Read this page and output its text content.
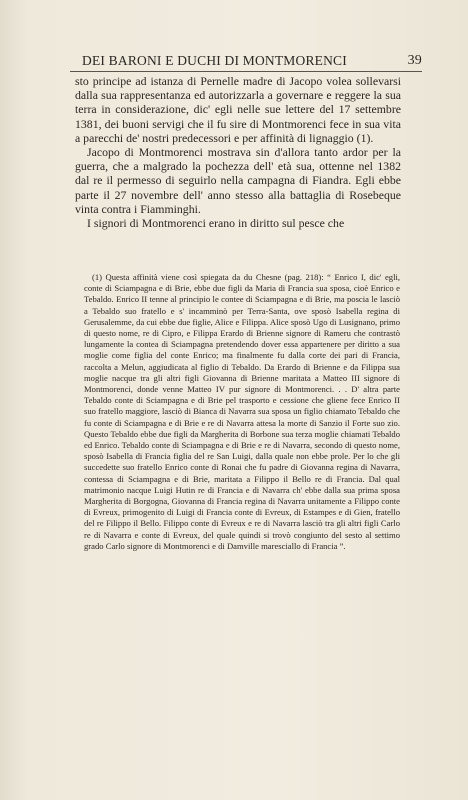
DEI BARONI E DUCHI DI MONTMORENCI	39

sto principe ad istanza di Pernelle madre di Jacopo volea sollevarsi dalla sua rappresentanza ed autorizzarla a governare e reggere la sua terra in considerazione, dic' egli nelle sue lettere del 17 settembre 1381, dei buoni servigi che il fu sire di Montmorenci fece in sua vita a parecchi de' nostri predecessori e per affinità di lignaggio (1).

Jacopo di Montmorenci mostrava sin d'allora tanto ardor per la guerra, che a malgrado la pochezza dell' età sua, ottenne nel 1382 dal re il permesso di seguirlo nella campagna di Fiandra. Egli ebbe parte il 27 novembre dell' anno stesso alla battaglia di Rosebeque vinta contra i Fiamminghi.

I signori di Montmorenci erano in diritto sul pesce che

(1) Questa affinità viene così spiegata da du Chesne (pag. 218): “ Enrico I, dic' egli, conte di Sciampagna e di Brie, ebbe due figli da Maria di Francia sua sposa, cioè Enrico e Tebaldo. Enrico II tenne al principio le contee di Sciampagna e di Brie, ma poscia le lasciò a Tebaldo suo fratello e s' incamminò per Terra-Santa, ove sposò Isabella regina di Gerusalemme, da cui ebbe due figlie, Alice e Filippa. Alice sposò Ugo di Lusignano, primo di questo nome, re di Cipro, e Filippa Erardo di Brienne signore di Rameru che contrastò lungamente la contea di Sciampagna pretendendo dover essa appartenere per diritto a sua moglie come figlia del conte Enrico; ma finalmente fu dalla corte dei pari di Francia, raccolta a Melun, aggiudicata al figlio di Tebaldo. Da Erardo di Brienne e da Filippa sua moglie nacque tra gli altri figli Giovanna di Brienne maritata a Matteo III signore di Montmorenci, donde venne Matteo IV pur signore di Montmorenci. . . D' altra parte Tebaldo conte di Sciampagna e di Brie pel trasporto e cessione che gliene fece Enrico II suo fratello maggiore, lasciò di Bianca di Navarra sua sposa un figlio chiamato Tebaldo che fu conte di Sciampagna e di Brie e re di Navarra attesa la morte di Sanzio il Forte suo zio. Questo Tebaldo ebbe due figli da Margherita di Borbone sua terza moglie chiamati Tebaldo ed Enrico. Tebaldo conte di Sciampagna e di Brie e re di Navarra, secondo di questo nome, sposò Isabella di Francia figlia del re San Luigi, dalla quale non ebbe prole. Per lo che gli succedette suo fratello Enrico conte di Ronai che fu padre di Giovanna regina di Navarra, contessa di Sciampagna e di Brie, maritata a Filippo il Bello re di Francia. Dal qual matrimonio nacque Luigi Hutin re di Francia e di Navarra ch' ebbe dalla sua prima sposa Margherita di Borgogna, Giovanna di Francia regina di Navarra unitamente a Filippo conte di Evreux, primogenito di Luigi di Francia conte di Evreux, di Estampes e di Gien, fratello del re Filippo il Bello. Filippo conte di Evreux e re di Navarra lasciò tra gli altri figli Carlo re di Navarra e conte di Evreux, del quale quindi si trovò congiunto del sesto al settimo grado Carlo signore di Montmorenci e di Damville maresciallo di Francia ”.
